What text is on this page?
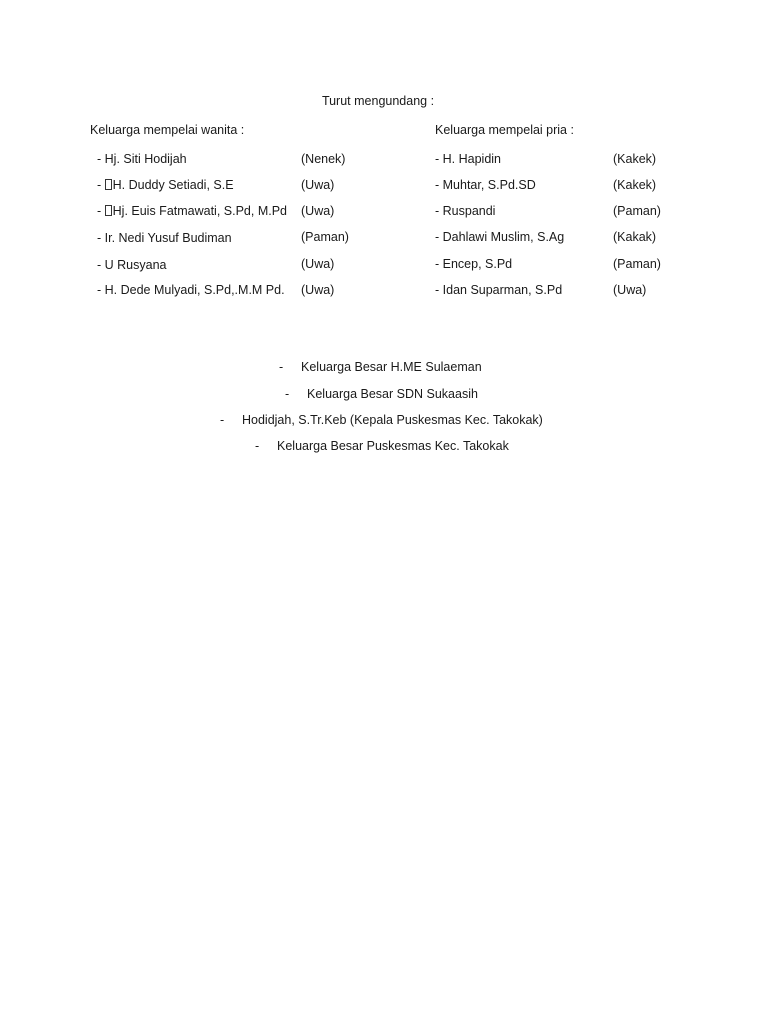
Turut mengundang :
Keluarga mempelai wanita :	Keluarga mempelai pria :
- Hj. Siti Hodijah	(Nenek)
- H. Duddy Setiadi, S.E	(Uwa)
- Hj. Euis Fatmawati, S.Pd, M.Pd (Uwa)
- Ir. Nedi Yusuf Budiman	(Paman)
- U Rusyana	(Uwa)
- H. Dede Mulyadi, S.Pd,.M.M Pd. (Uwa)
- H. Hapidin	(Kakek)
- Muhtar, S.Pd.SD	(Kakek)
- Ruspandi	(Paman)
- Dahlawi Muslim, S.Ag	(Kakak)
- Encep, S.Pd	(Paman)
- Idan Suparman, S.Pd	(Uwa)
- Keluarga Besar H.ME Sulaeman
- Keluarga Besar SDN Sukaasih
- Hodidjah, S.Tr.Keb (Kepala Puskesmas Kec. Takokak)
- Keluarga Besar Puskesmas Kec. Takokak
